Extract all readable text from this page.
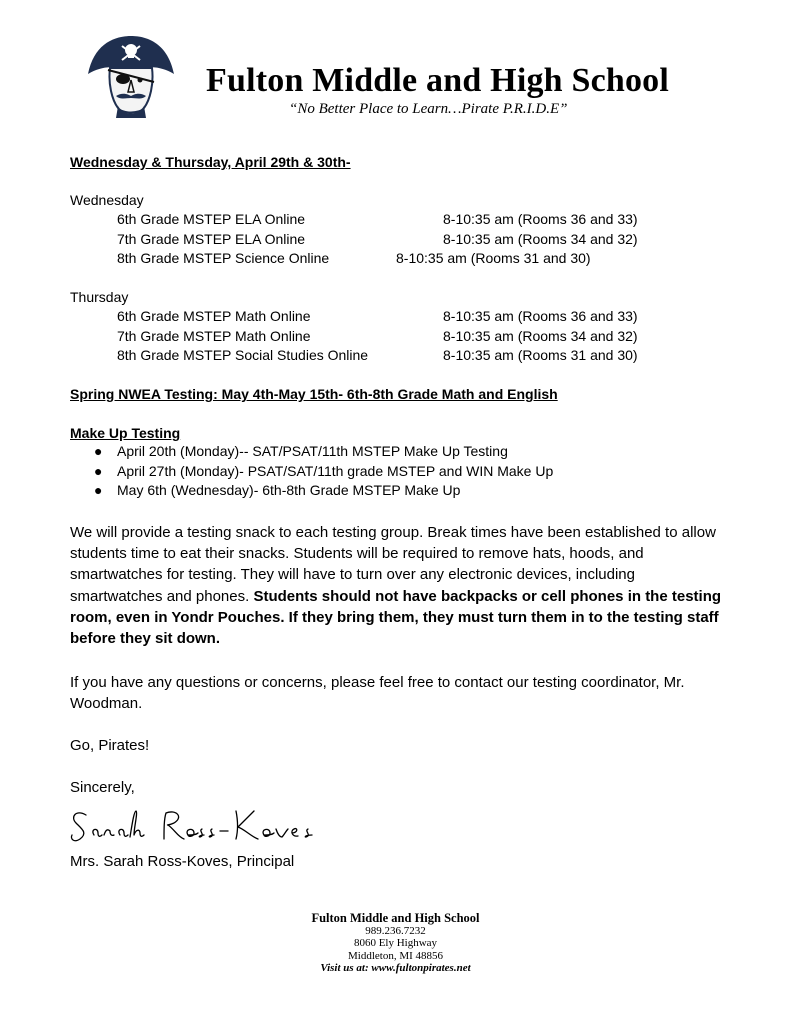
Fulton Middle and High School
“No Better Place to Learn…Pirate P.R.I.D.E”
Wednesday & Thursday, April 29th & 30th-
Wednesday
6th Grade MSTEP ELA Online	8-10:35 am (Rooms 36 and 33)
7th Grade MSTEP ELA Online	8-10:35 am (Rooms 34 and 32)
8th Grade MSTEP Science Online	8-10:35 am (Rooms 31 and 30)
Thursday
6th Grade MSTEP Math Online	8-10:35 am (Rooms 36 and 33)
7th Grade MSTEP Math Online	8-10:35 am (Rooms 34 and 32)
8th Grade MSTEP Social Studies Online	8-10:35 am (Rooms 31 and 30)
Spring NWEA Testing: May 4th-May 15th- 6th-8th Grade Math and English
Make Up Testing
● April 20th (Monday)-- SAT/PSAT/11th MSTEP Make Up Testing
● April 27th (Monday)- PSAT/SAT/11th grade MSTEP and WIN Make Up
● May 6th (Wednesday)- 6th-8th Grade MSTEP Make Up
We will provide a testing snack to each testing group. Break times have been established to allow students time to eat their snacks. Students will be required to remove hats, hoods, and smartwatches for testing. They will have to turn over any electronic devices, including smartwatches and phones. Students should not have backpacks or cell phones in the testing room, even in Yondr Pouches. If they bring them, they must turn them in to the testing staff before they sit down.
If you have any questions or concerns, please feel free to contact our testing coordinator, Mr. Woodman.
Go, Pirates!
Sincerely,
Mrs. Sarah Ross-Koves, Principal
Fulton Middle and High School
989.236.7232
8060 Ely Highway
Middleton, MI 48856
Visit us at: www.fultonpirates.net
